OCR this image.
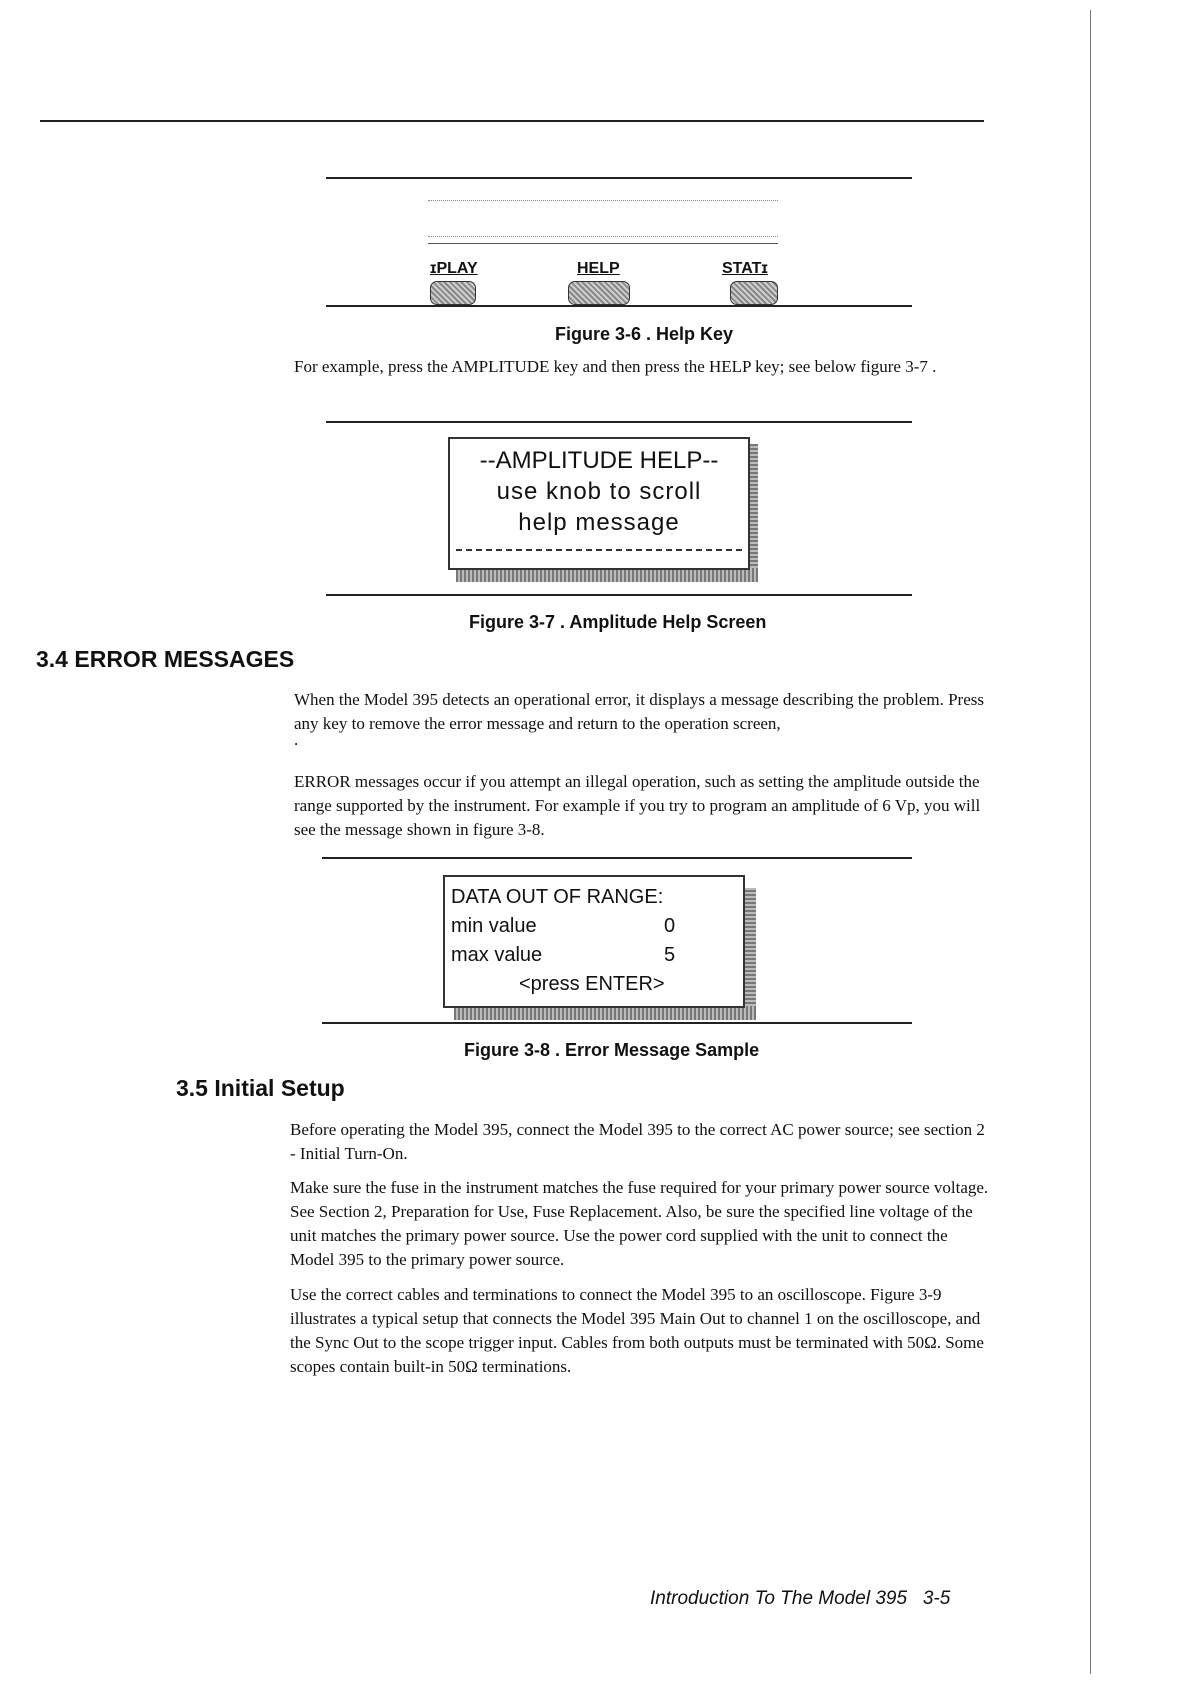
ɪPLAY	HELP	STATɪ
Figure 3-6 . Help Key

For example, press the AMPLITUDE key and then press the HELP key; see below figure 3-7 .

--AMPLITUDE HELP--
use knob to scroll
help message
Figure 3-7 . Amplitude Help Screen
3.4 ERROR MESSAGES

When the Model 395 detects an operational error, it displays a message describing the problem. Press any key to remove the error message and return to the operation screen,

.

ERROR messages occur if you attempt an illegal operation, such as setting the amplitude outside the range supported by the instrument. For example if you try to program an amplitude of 6 Vp, you will see the message shown in figure 3-8.

DATA OUT OF RANGE:
min value	0
max value	5
<press ENTER>
Figure 3-8 . Error Message Sample
3.5 Initial Setup

Before operating the Model 395, connect the Model 395 to the correct AC power source; see section 2 - Initial Turn-On.

Make sure the fuse in the instrument matches the fuse required for your primary power source voltage. See Section 2, Preparation for Use, Fuse Replacement. Also, be sure the specified line voltage of the unit matches the primary power source. Use the power cord supplied with the unit to connect the Model 395 to the primary power source.

Use the correct cables and terminations to connect the Model 395 to an oscilloscope. Figure 3-9 illustrates a typical setup that connects the Model 395 Main Out to channel 1 on the oscilloscope, and the Sync Out to the scope trigger input. Cables from both outputs must be terminated with 50Ω. Some scopes contain built-in 50Ω terminations.

Introduction To The Model 395   3-5
